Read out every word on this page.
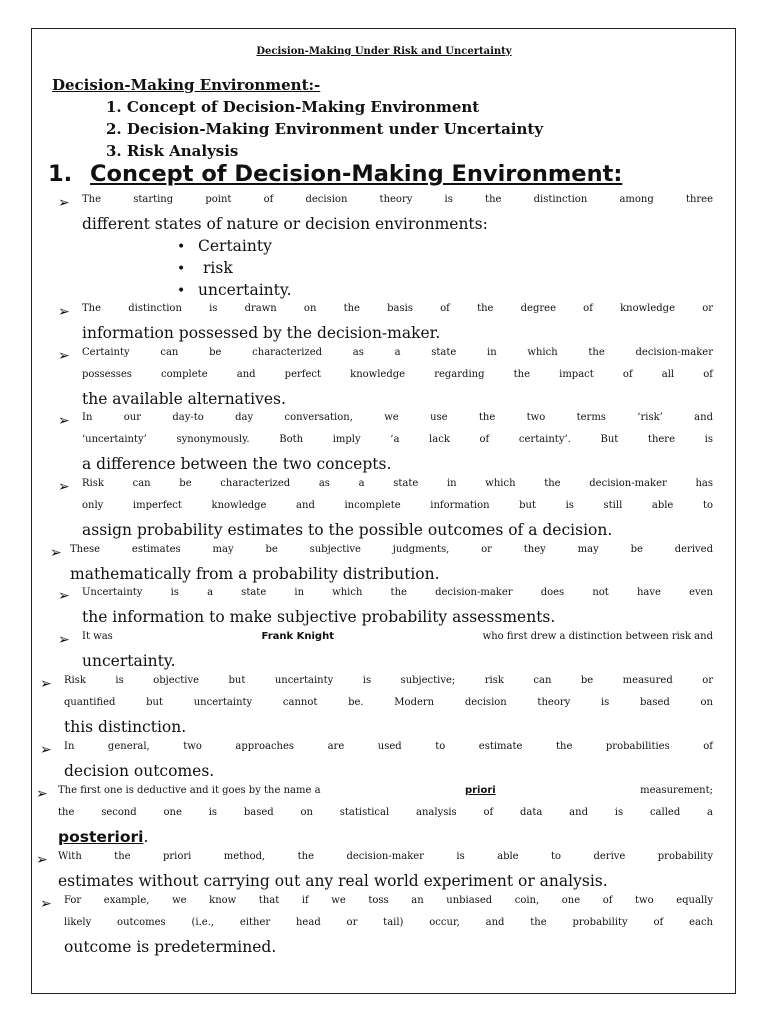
Decision-Making Under Risk and Uncertainty
Decision-Making Environment:-
1. Concept of Decision-Making Environment
2. Decision-Making Environment under Uncertainty
3. Risk Analysis
1. Concept of Decision-Making Environment:
➢ The starting point of decision theory is the distinction among three
different states of nature or decision environments:
• Certainty
• risk
• uncertainty.
➢ The distinction is drawn on the basis of the degree of knowledge or
information possessed by the decision-maker.
➢ Certainty can be characterized as a state in which the decision-maker
possesses complete and perfect knowledge regarding the impact of all of
the available alternatives.
➢ In our day-to day conversation, we use the two terms ‘risk’ and
‘uncertainty’ synonymously. Both imply ‘a lack of certainty’. But there is
a difference between the two concepts.
➢ Risk can be characterized as a state in which the decision-maker has
only imperfect knowledge and incomplete information but is still able to
assign probability estimates to the possible outcomes of a decision.
➢ These estimates may be subjective judgments, or they may be derived
mathematically from a probability distribution.
➢ Uncertainty is a state in which the decision-maker does not have even
the information to make subjective probability assessments.
➢ It was	Frank Knight	who first drew a distinction between risk and
uncertainty.
➢ Risk is objective but uncertainty is subjective; risk can be measured or
quantified but uncertainty cannot be. Modern decision theory is based on
this distinction.
➢ In general, two approaches are used to estimate the probabilities of
decision outcomes.
➢ The first one is deductive and it goes by the name a	priori	measurement;
the second one is based on statistical analysis of data and is called a
posteriori.
➢ With the priori method, the decision-maker is able to derive probability
estimates without carrying out any real world experiment or analysis.
➢ For example, we know that if we toss an unbiased coin, one of two equally
likely outcomes (i.e., either head or tail) occur, and the probability of each
outcome is predetermined.
